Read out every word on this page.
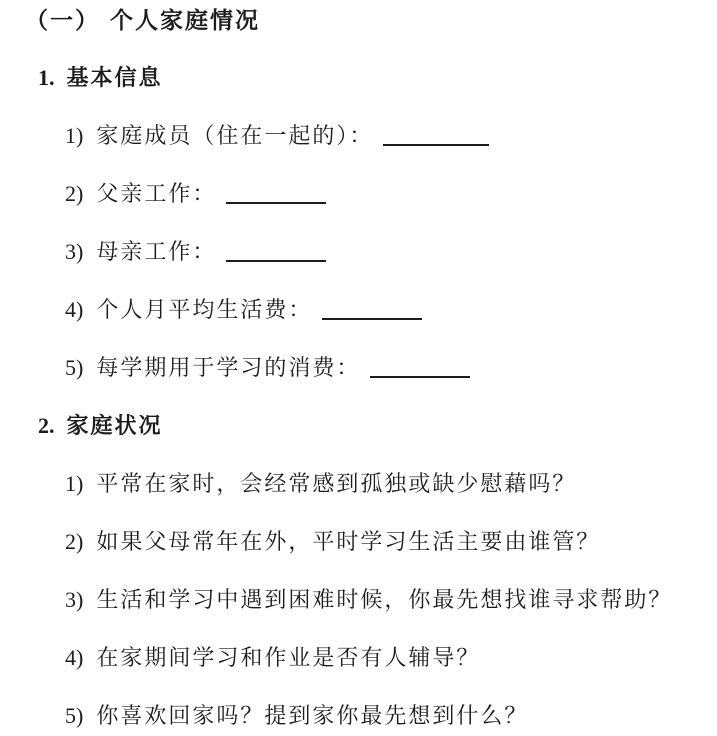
（一） 个人家庭情况
1. 基本信息
1) 家庭成员（住在一起的）：
2) 父亲工作：
3) 母亲工作：
4) 个人月平均生活费：
5) 每学期用于学习的消费：
2. 家庭状况
1) 平常在家时，会经常感到孤独或缺少慰藉吗？
2) 如果父母常年在外，平时学习生活主要由谁管？
3) 生活和学习中遇到困难时候，你最先想找谁寻求帮助？
4) 在家期间学习和作业是否有人辅导？
5) 你喜欢回家吗？提到家你最先想到什么？
